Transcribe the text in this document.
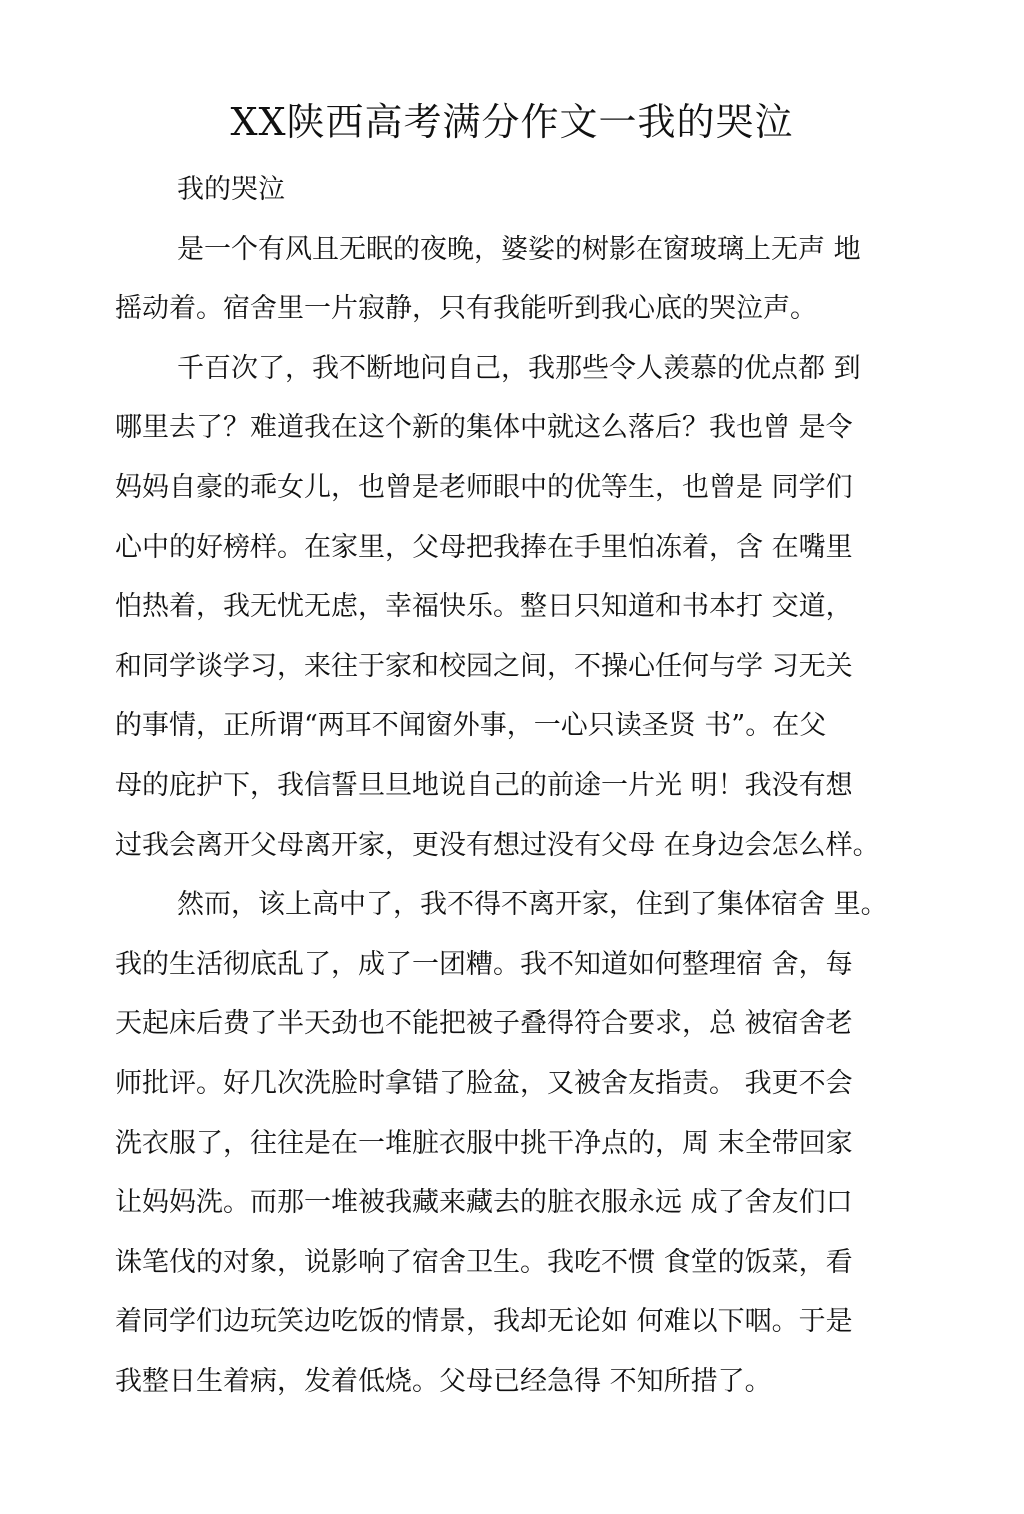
XX陕西高考满分作文一我的哭泣

我的哭泣

是一个有风且无眠的夜晚，婆娑的树影在窗玻璃上无声 地
摇动着。宿舍里一片寂静，只有我能听到我心底的哭泣声。

千百次了，我不断地问自己，我那些令人羡慕的优点都 到
哪里去了？难道我在这个新的集体中就这么落后？我也曾 是令
妈妈自豪的乖女儿，也曾是老师眼中的优等生，也曾是 同学们
心中的好榜样。在家里，父母把我捧在手里怕冻着，含 在嘴里
怕热着，我无忧无虑，幸福快乐。整日只知道和书本打 交道，
和同学谈学习，来往于家和校园之间，不操心任何与学 习无关
的事情，正所谓“两耳不闻窗外事，一心只读圣贤 书”。在父
母的庇护下，我信誓旦旦地说自己的前途一片光 明！我没有想
过我会离开父母离开家，更没有想过没有父母 在身边会怎么样。

然而，该上高中了，我不得不离开家，住到了集体宿舍 里。
我的生活彻底乱了，成了一团糟。我不知道如何整理宿 舍，每
天起床后费了半天劲也不能把被子叠得符合要求，总 被宿舍老
师批评。好几次洗脸时拿错了脸盆，又被舍友指责。 我更不会
洗衣服了，往往是在一堆脏衣服中挑干净点的，周 末全带回家
让妈妈洗。而那一堆被我藏来藏去的脏衣服永远 成了舍友们口
诛笔伐的对象，说影响了宿舍卫生。我吃不惯 食堂的饭菜，看
着同学们边玩笑边吃饭的情景，我却无论如 何难以下咽。于是
我整日生着病，发着低烧。父母已经急得 不知所措了。
